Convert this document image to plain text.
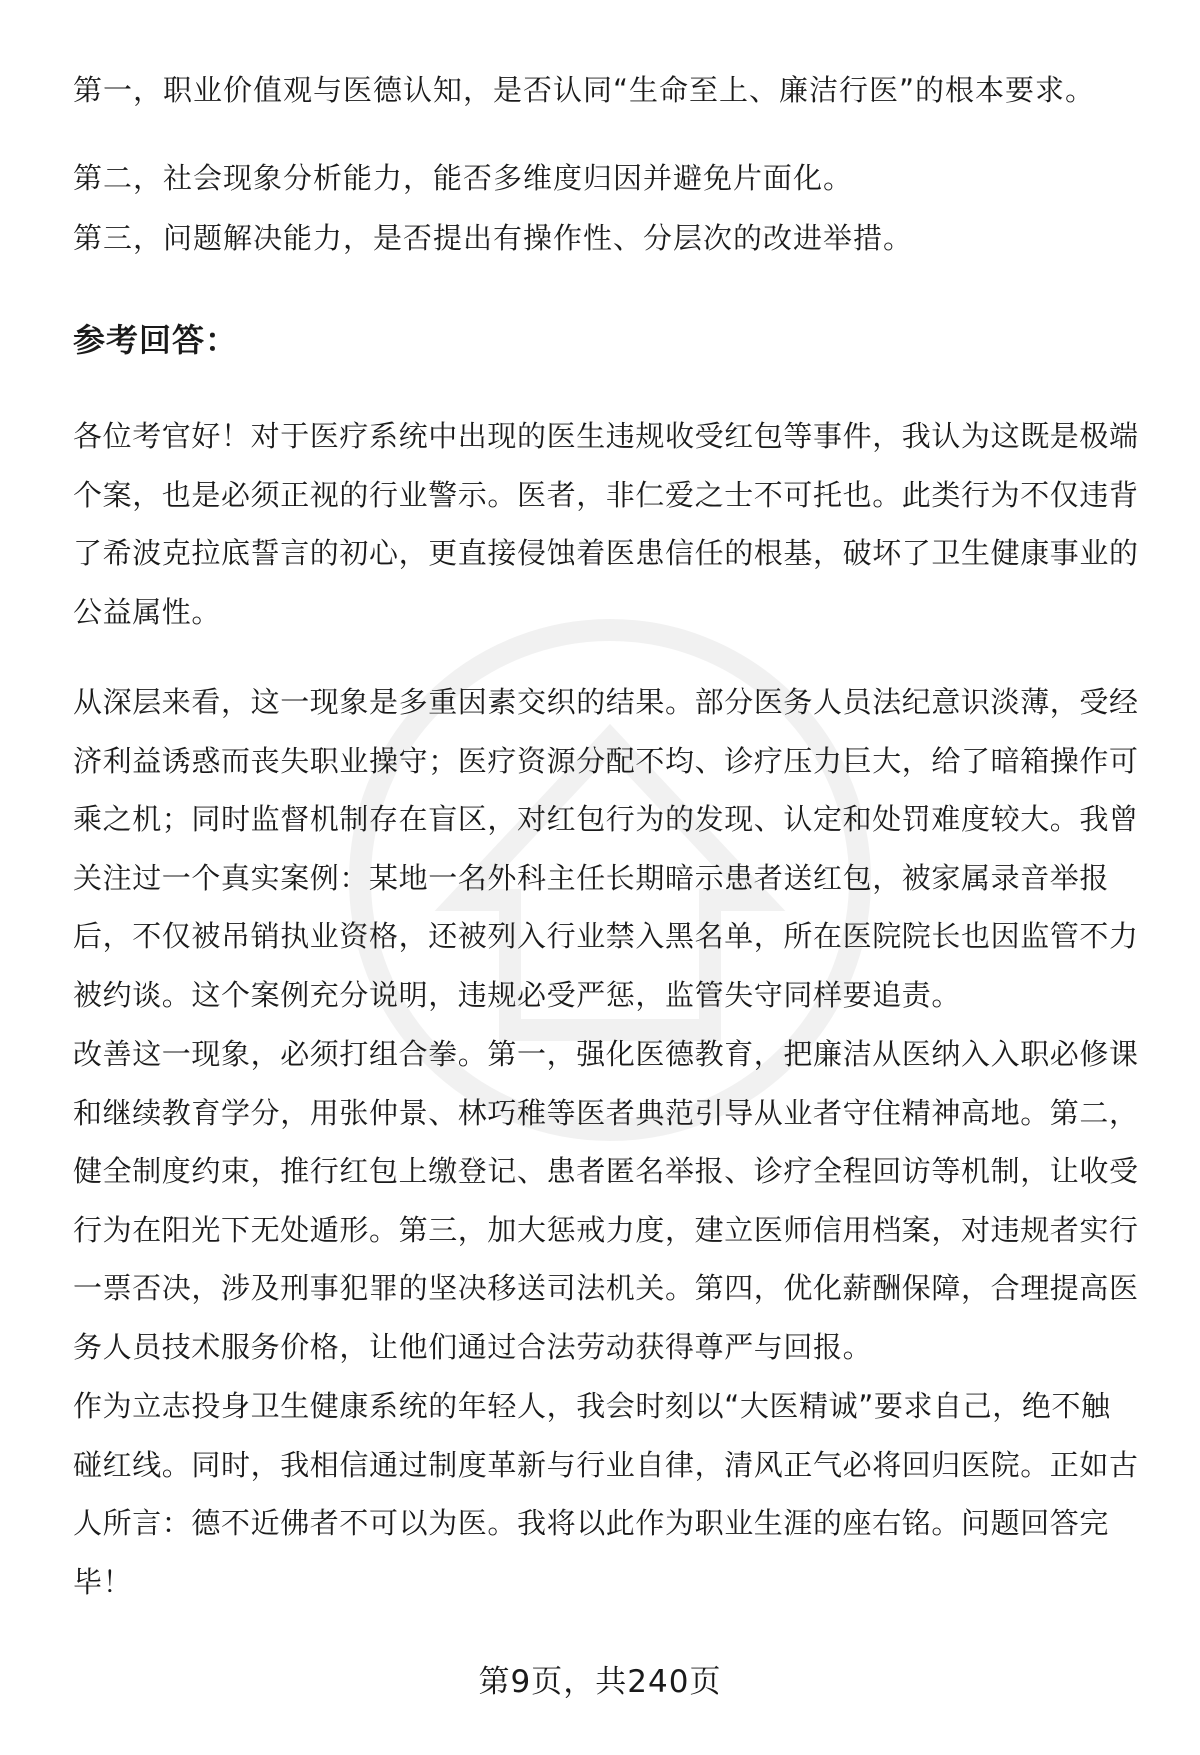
第一，职业价值观与医德认知，是否认同“生命至上、廉洁行医”的根本要求。
第二，社会现象分析能力，能否多维度归因并避免片面化。
第三，问题解决能力，是否提出有操作性、分层次的改进举措。
参考回答：
各位考官好！对于医疗系统中出现的医生违规收受红包等事件，我认为这既是极端
个案，也是必须正视的行业警示。医者，非仁爱之士不可托也。此类行为不仅违背
了希波克拉底誓言的初心，更直接侵蚀着医患信任的根基，破坏了卫生健康事业的
公益属性。
从深层来看，这一现象是多重因素交织的结果。部分医务人员法纪意识淡薄，受经
济利益诱惑而丧失职业操守；医疗资源分配不均、诊疗压力巨大，给了暗箱操作可
乘之机；同时监督机制存在盲区，对红包行为的发现、认定和处罚难度较大。我曾
关注过一个真实案例：某地一名外科主任长期暗示患者送红包，被家属录音举报
后，不仅被吊销执业资格，还被列入行业禁入黑名单，所在医院院长也因监管不力
被约谈。这个案例充分说明，违规必受严惩，监管失守同样要追责。
改善这一现象，必须打组合拳。第一，强化医德教育，把廉洁从医纳入入职必修课
和继续教育学分，用张仲景、林巧稚等医者典范引导从业者守住精神高地。第二，
健全制度约束，推行红包上缴登记、患者匿名举报、诊疗全程回访等机制，让收受
行为在阳光下无处遁形。第三，加大惩戒力度，建立医师信用档案，对违规者实行
一票否决，涉及刑事犯罪的坚决移送司法机关。第四，优化薪酬保障，合理提高医
务人员技术服务价格，让他们通过合法劳动获得尊严与回报。
作为立志投身卫生健康系统的年轻人，我会时刻以“大医精诚”要求自己，绝不触
碰红线。同时，我相信通过制度革新与行业自律，清风正气必将回归医院。正如古
人所言：德不近佛者不可以为医。我将以此作为职业生涯的座右铭。问题回答完
毕！
第9页，共240页
